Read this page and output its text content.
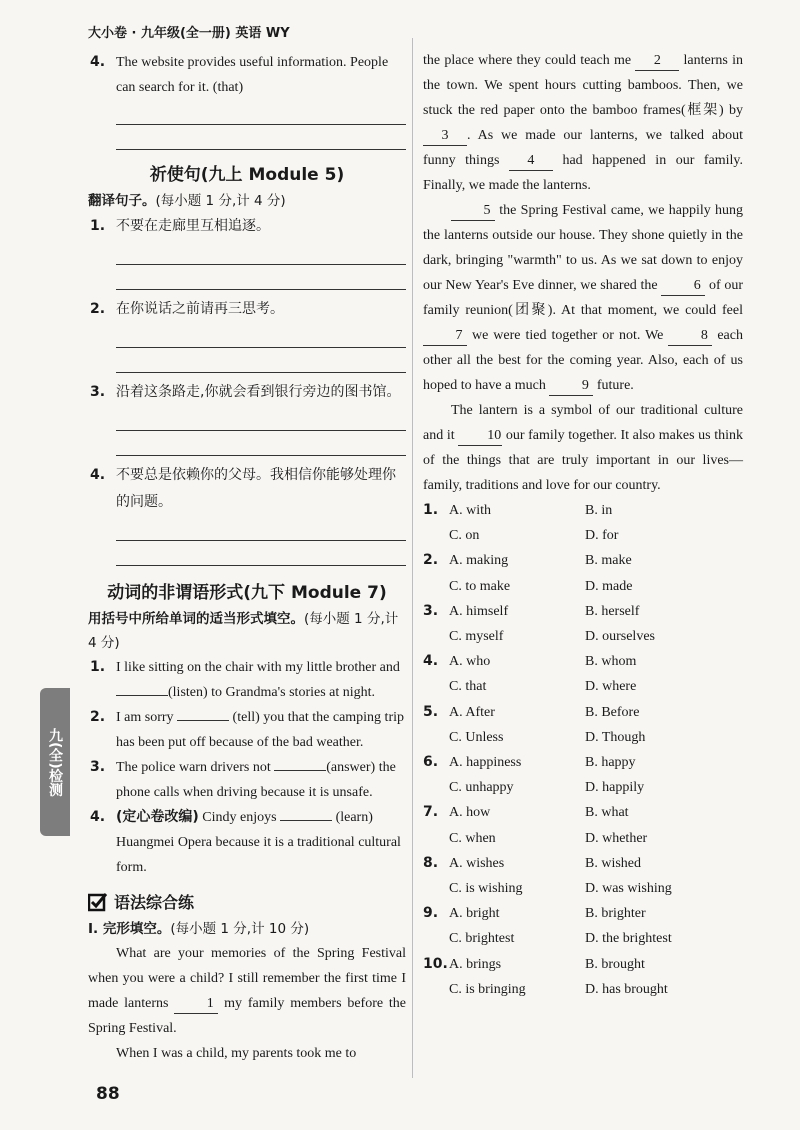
大小卷 · 九年级(全一册) 英语 WY
4. The website provides useful information. People can search for it. (that)
祈使句(九上 Module 5)
翻译句子。(每小题 1 分,计 4 分)
1. 不要在走廊里互相追逐。
2. 在你说话之前请再三思考。
3. 沿着这条路走,你就会看到银行旁边的图书馆。
4. 不要总是依赖你的父母。我相信你能够处理你的问题。
动词的非谓语形式(九下 Module 7)
用括号中所给单词的适当形式填空。(每小题 1 分,计 4 分)
1. I like sitting on the chair with my little brother and (listen) to Grandma's stories at night.
2. I am sorry	(tell) you that the camping trip has been put off because of the bad weather.
3. The police warn drivers not	(answer) the phone calls when driving because it is unsafe.
4. (定心卷改编) Cindy enjoys	(learn) Huangmei Opera because it is a traditional cultural form.
语法综合练
Ⅰ. 完形填空。(每小题 1 分,计 10 分)
What are your memories of the Spring Festival when you were a child? I still remember the first time I made lanterns	1 my family members before the Spring Festival.
When I was a child, my parents took me to
the place where they could teach me 2 lanterns in the town. We spent hours cutting bamboos. Then, we stuck the red paper onto the bamboo frames(框架) by 3 . As we made our lanterns, we talked about funny things 4 had happened in our family. Finally, we made the lanterns.
5 the Spring Festival came, we happily hung the lanterns outside our house. They shone quietly in the dark, bringing "warmth" to us. As we sat down to enjoy our New Year's Eve dinner, we shared the	6 of our family reunion(团聚). At that moment, we could feel 7 we were tied together or not. We	8 each other all the best for the coming year. Also, each of us hoped to have a much	9 future.
The lantern is a symbol of our traditional culture and it 10 our family together. It also makes us think of the things that are truly important in our lives—family, traditions and love for our country.
1. A. with	B. in
C. on	D. for
2. A. making	B. make
C. to make	D. made
3. A. himself	B. herself
C. myself	D. ourselves
4. A. who	B. whom
C. that	D. where
5. A. After	B. Before
C. Unless	D. Though
6. A. happiness	B. happy
C. unhappy	D. happily
7. A. how	B. what
C. when	D. whether
8. A. wishes	B. wished
C. is wishing	D. was wishing
9. A. bright	B. brighter
C. brightest	D. the brightest
10. A. brings	B. brought
C. is bringing	D. has brought
九(全)检测
88
